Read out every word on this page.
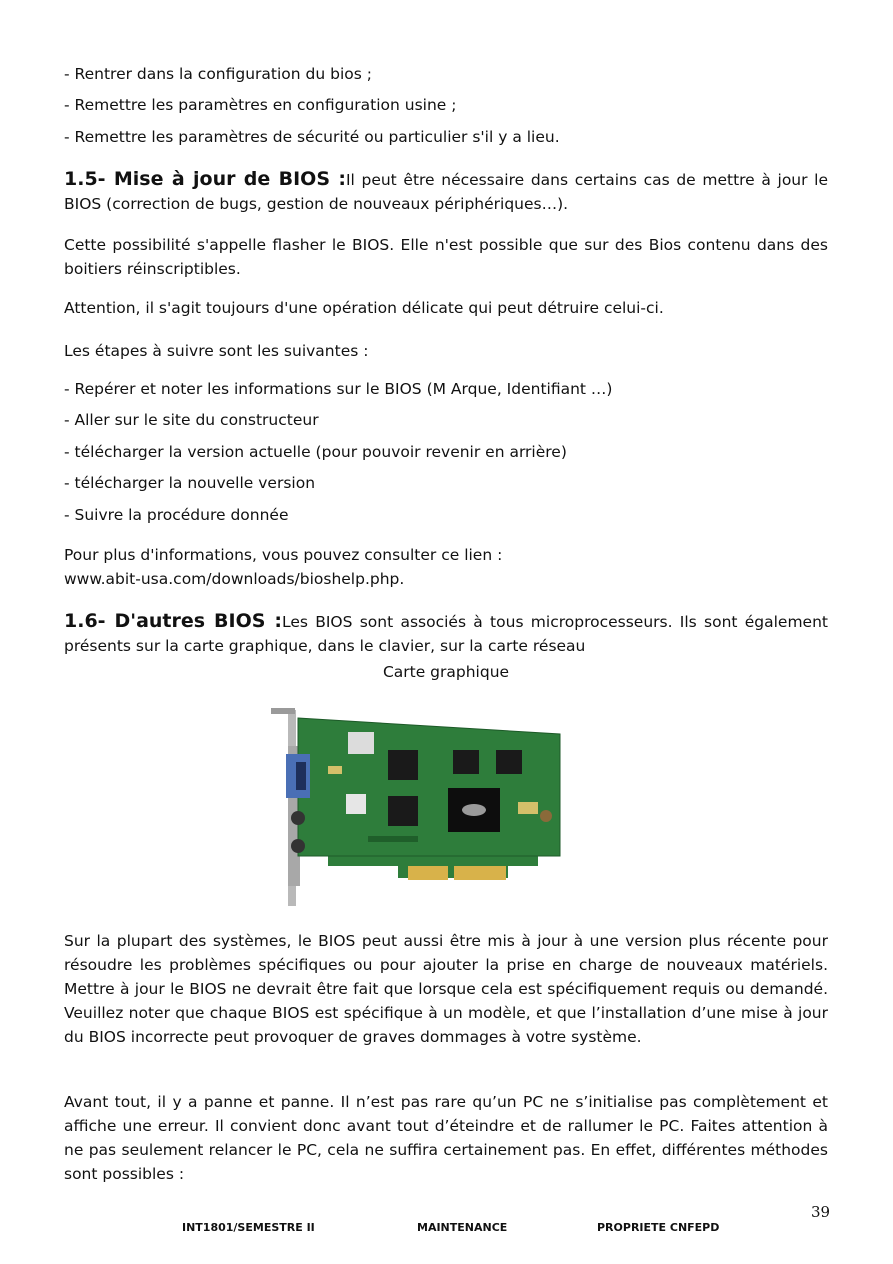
- Rentrer dans la configuration du bios ;
- Remettre les paramètres en configuration usine ;
- Remettre les paramètres de sécurité ou particulier s'il y a lieu.
1.5- Mise à jour de BIOS :Il peut être nécessaire dans certains cas de mettre à jour le BIOS (correction de bugs, gestion de nouveaux périphériques…).
Cette possibilité s'appelle flasher le BIOS. Elle n'est possible que sur des Bios contenu dans des boitiers réinscriptibles.
Attention, il s'agit toujours d'une opération délicate qui peut détruire celui-ci.
Les étapes à suivre sont les suivantes :
- Repérer et noter les informations sur le BIOS (M Arque, Identifiant …)
- Aller sur le site du constructeur
- télécharger la version actuelle (pour pouvoir revenir en arrière)
- télécharger la nouvelle version
- Suivre la procédure donnée
Pour plus d'informations, vous pouvez consulter ce lien :
www.abit-usa.com/downloads/bioshelp.php.
1.6- D'autres BIOS :Les BIOS sont associés à tous microprocesseurs. Ils sont également présents sur la carte graphique, dans le clavier, sur la carte réseau
Carte graphique
Sur la plupart des systèmes, le BIOS peut aussi être mis à jour à une version plus récente pour résoudre les problèmes spécifiques ou pour ajouter la prise en charge de nouveaux matériels. Mettre à jour le BIOS ne devrait être fait que lorsque cela est spécifiquement requis ou demandé. Veuillez noter que chaque BIOS est spécifique à un modèle, et que l’installation d’une mise à jour du BIOS incorrecte peut provoquer de graves dommages à votre système.
Avant tout, il y a panne et panne. Il n’est pas rare qu’un PC ne s’initialise pas complètement et affiche une erreur. Il convient donc avant tout d’éteindre et de rallumer le PC. Faites attention à ne pas seulement relancer le PC, cela ne suffira certainement pas. En effet, différentes méthodes sont possibles :
INT1801/SEMESTRE II	MAINTENANCE	PROPRIETE CNFEPD
39
